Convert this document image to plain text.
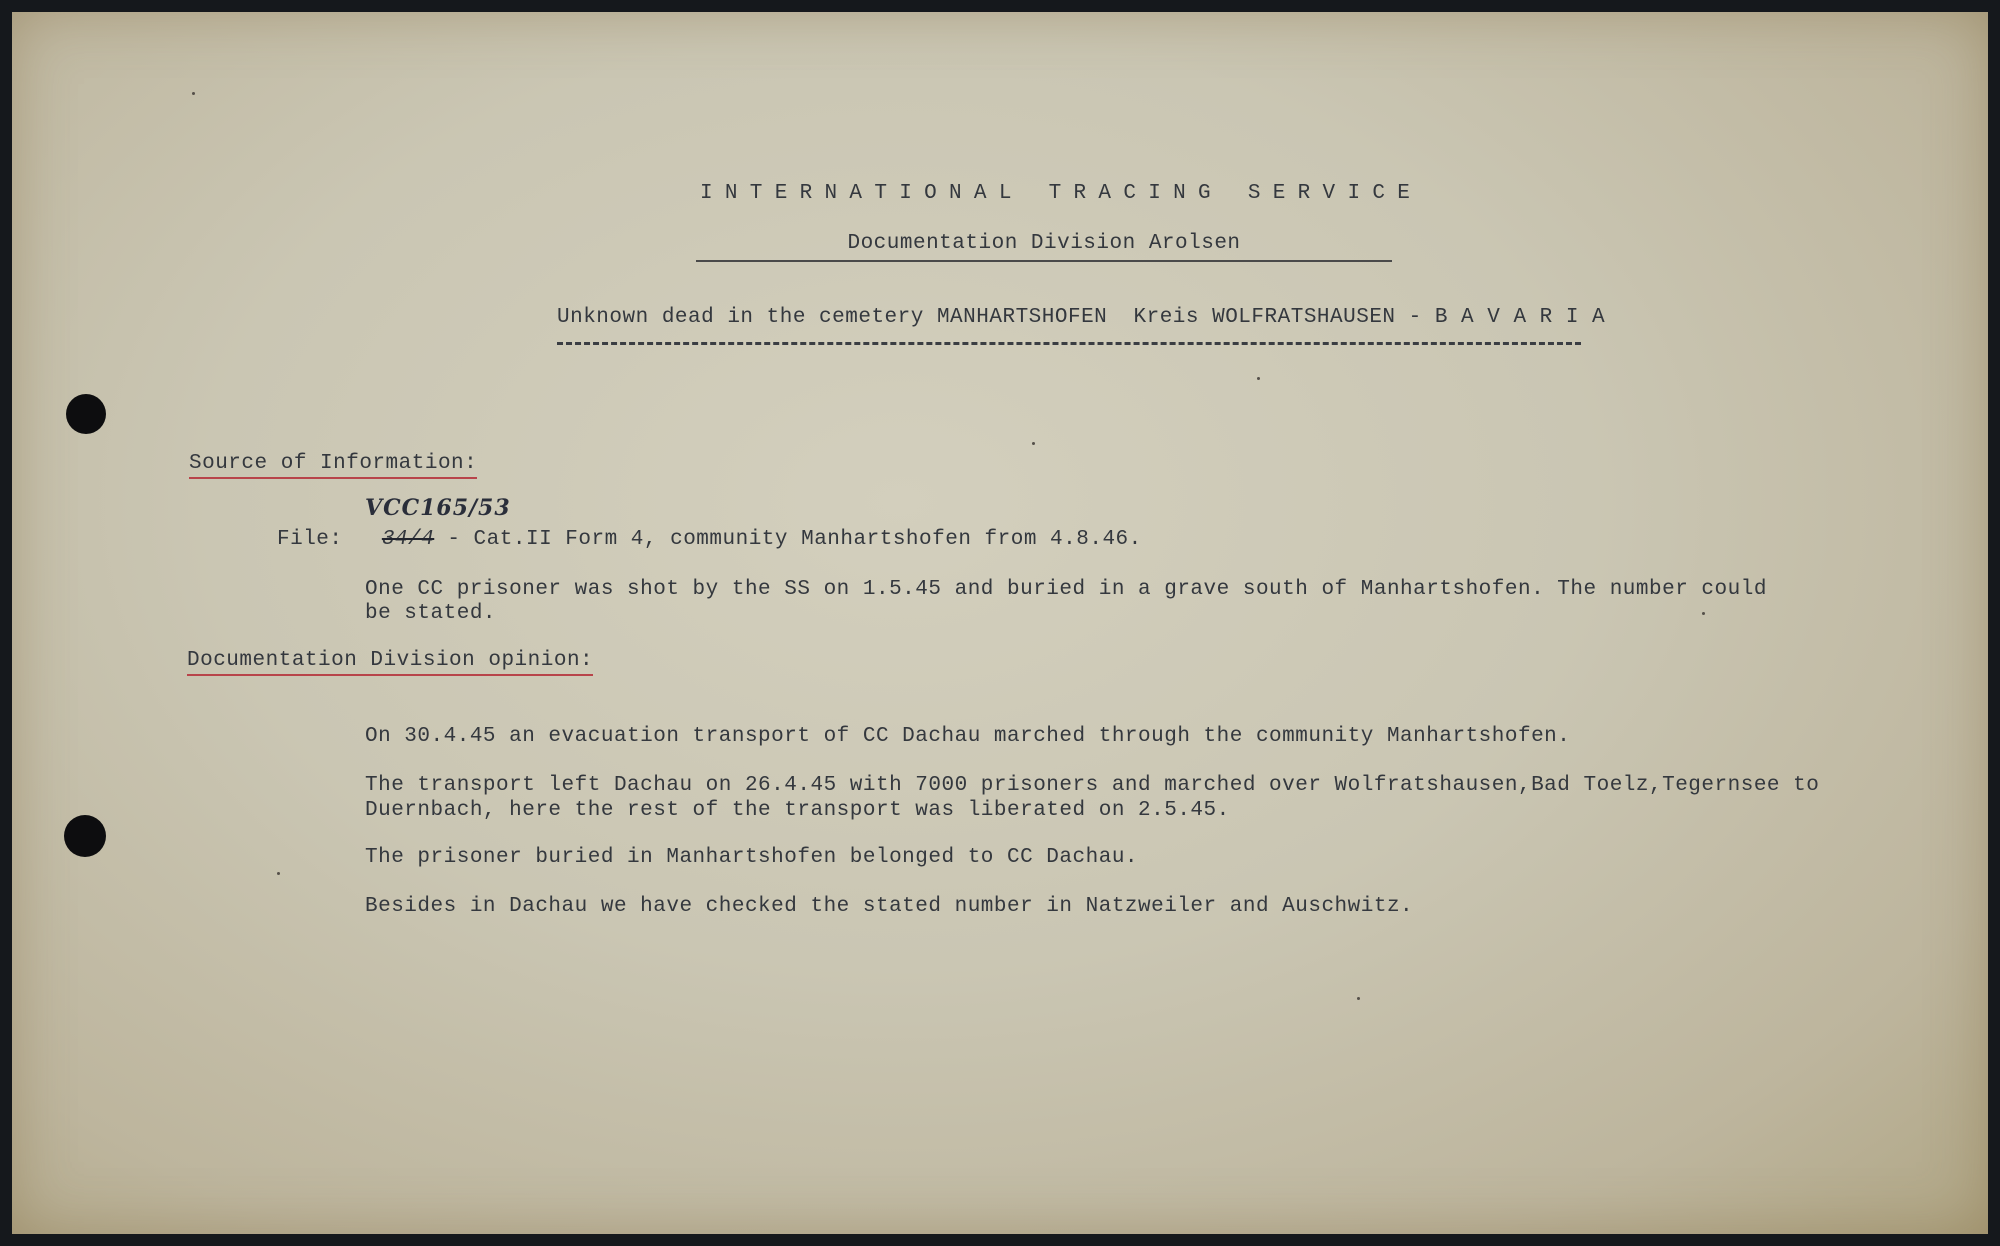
INTERNATIONAL TRACING SERVICE
Documentation Division Arolsen
Unknown dead in the cemetery MANHARTSHOFEN  Kreis WOLFRATSHAUSEN - B A V A R I A
Source of Information:
VCC165/53
File: 34/4 - Cat.II Form 4, community Manhartshofen from 4.8.46.
One CC prisoner was shot by the SS on 1.5.45 and buried in a grave south of Manhartshofen. The number could
be stated.
Documentation Division opinion:
On 30.4.45 an evacuation transport of CC Dachau marched through the community Manhartshofen.
The transport left Dachau on 26.4.45 with 7000 prisoners and marched over Wolfratshausen,Bad Toelz,Tegernsee to
Duernbach, here the rest of the transport was liberated on 2.5.45.
The prisoner buried in Manhartshofen belonged to CC Dachau.
Besides in Dachau we have checked the stated number in Natzweiler and Auschwitz.
